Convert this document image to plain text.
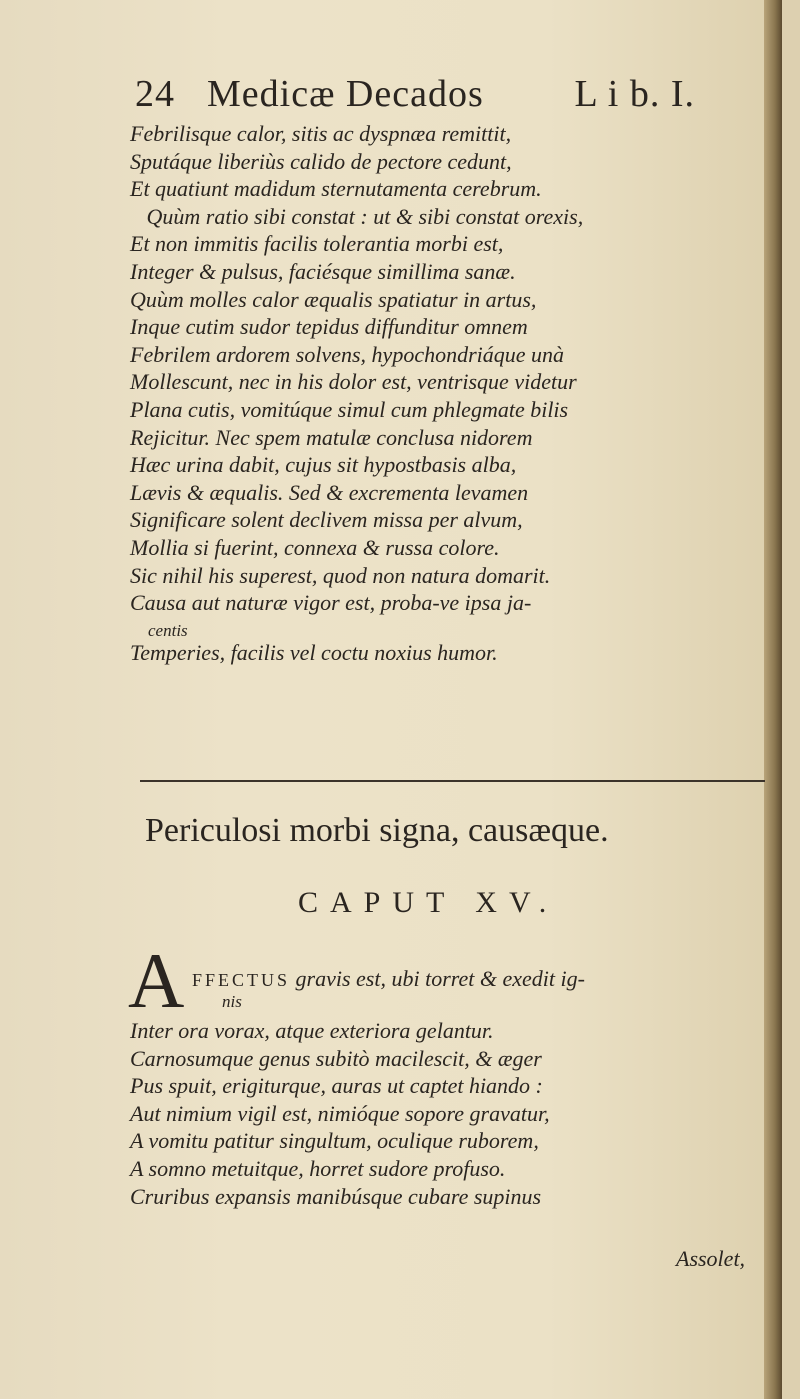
24 Medicæ Decados L i b. I.
Febrilisque calor, sitis ac dyspnæa remittit,
Sputáque liberiùs calido de pectore cedunt,
Et quatiunt madidum sternutamenta cerebrum.
Quùm ratio sibi constat : ut & sibi constat orexis,
Et non immitis facilis tolerantia morbi est,
Integer & pulsus, faciésque simillima sanæ.
Quùm molles calor æqualis spatiatur in artus,
Inque cutim sudor tepidus diffunditur omnem
Febrilem ardorem solvens, hypochondriáque unà
Mollescunt, nec in his dolor est, ventrisque videtur
Plana cutis, vomitúque simul cum phlegmate bilis
Rejicitur. Nec spem matulæ conclusa nidorem
Hæc urina dabit, cujus sit hypostbasis alba,
Lævis & æqualis. Sed & excrementa levamen
Significare solent declivem missa per alvum,
Mollia si fuerint, connexa & russa colore.
Sic nihil his superest, quod non natura domarit.
Causa aut naturæ vigor est, proba-ve ipsa ja-
centis
Temperies, facilis vel coctu noxius humor.
Periculosi morbi signa, causæque.
CAPUT XV.
A FFECTUS gravis est, ubi torret & exedit ig-
nis
Inter ora vorax, atque exteriora gelantur.
Carnosumque genus subitò macilescit, & æger
Pus spuit, erigiturque, auras ut captet hiando :
Aut nimium vigil est, nimióque sopore gravatur,
A vomitu patitur singultum, oculique ruborem,
A somno metuitque, horret sudore profuso.
Cruribus expansis manibúsque cubare supinus
Assolet,
